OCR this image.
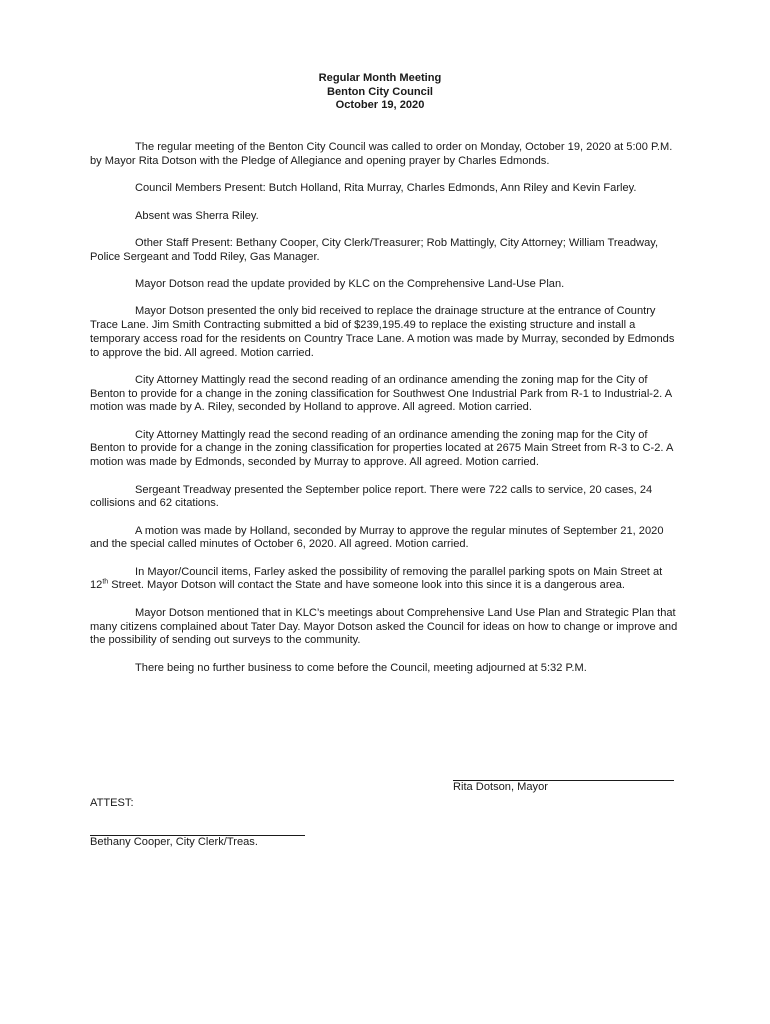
Regular Month Meeting
Benton City Council
October 19, 2020

The regular meeting of the Benton City Council was called to order on Monday, October 19, 2020 at 5:00 P.M. by Mayor Rita Dotson with the Pledge of Allegiance and opening prayer by Charles Edmonds.

Council Members Present: Butch Holland, Rita Murray, Charles Edmonds, Ann Riley and Kevin Farley.

Absent was Sherra Riley.

Other Staff Present: Bethany Cooper, City Clerk/Treasurer; Rob Mattingly, City Attorney; William Treadway, Police Sergeant and Todd Riley, Gas Manager.

Mayor Dotson read the update provided by KLC on the Comprehensive Land-Use Plan.

Mayor Dotson presented the only bid received to replace the drainage structure at the entrance of Country Trace Lane. Jim Smith Contracting submitted a bid of $239,195.49 to replace the existing structure and install a temporary access road for the residents on Country Trace Lane. A motion was made by Murray, seconded by Edmonds to approve the bid. All agreed. Motion carried.

City Attorney Mattingly read the second reading of an ordinance amending the zoning map for the City of Benton to provide for a change in the zoning classification for Southwest One Industrial Park from R-1 to Industrial-2. A motion was made by A. Riley, seconded by Holland to approve. All agreed. Motion carried.

City Attorney Mattingly read the second reading of an ordinance amending the zoning map for the City of Benton to provide for a change in the zoning classification for properties located at 2675 Main Street from R-3 to C-2. A motion was made by Edmonds, seconded by Murray to approve. All agreed. Motion carried.

Sergeant Treadway presented the September police report. There were 722 calls to service, 20 cases, 24 collisions and 62 citations.

A motion was made by Holland, seconded by Murray to approve the regular minutes of September 21, 2020 and the special called minutes of October 6, 2020. All agreed. Motion carried.

In Mayor/Council items, Farley asked the possibility of removing the parallel parking spots on Main Street at 12th Street. Mayor Dotson will contact the State and have someone look into this since it is a dangerous area.

Mayor Dotson mentioned that in KLC’s meetings about Comprehensive Land Use Plan and Strategic Plan that many citizens complained about Tater Day. Mayor Dotson asked the Council for ideas on how to change or improve and the possibility of sending out surveys to the community.

There being no further business to come before the Council, meeting adjourned at 5:32 P.M.

Rita Dotson, Mayor
ATTEST:
Bethany Cooper, City Clerk/Treas.
